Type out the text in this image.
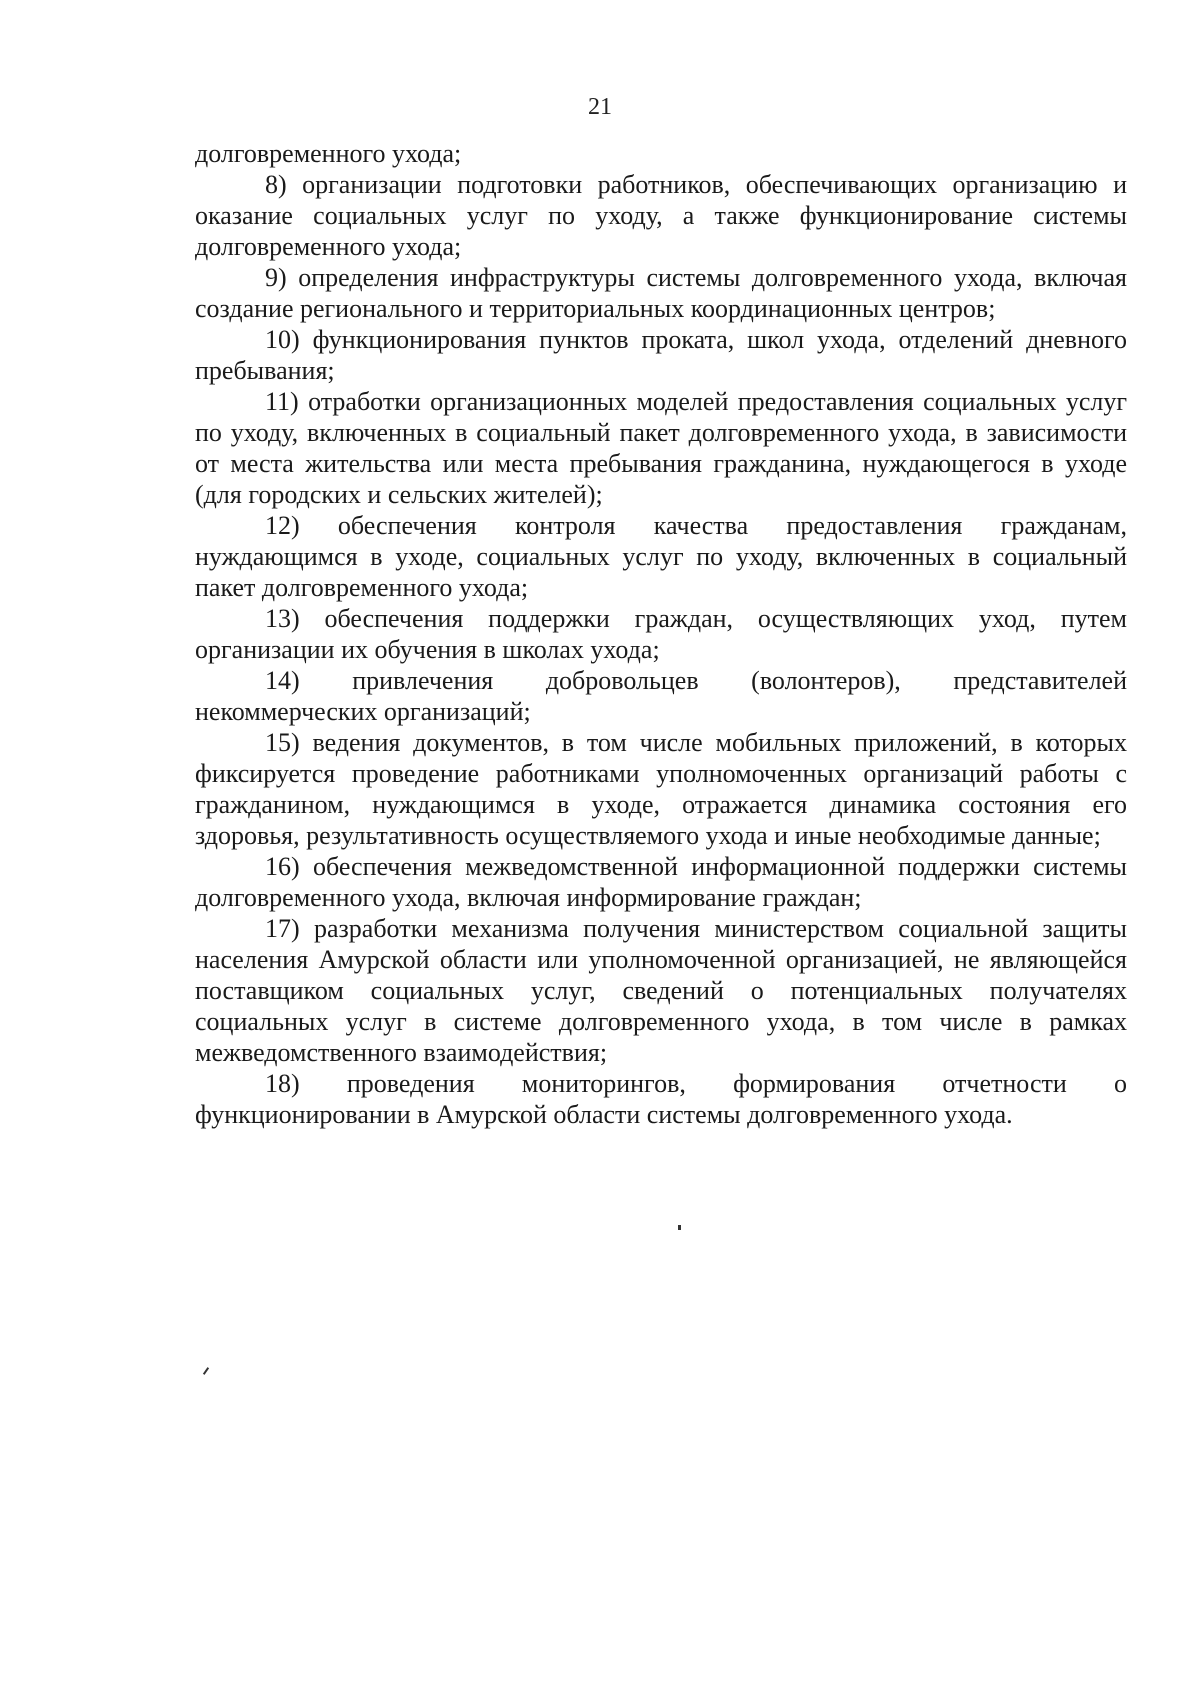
21

долговременного ухода;

8) организации подготовки работников, обеспечивающих организацию и оказание социальных услуг по уходу, а также функционирование системы долговременного ухода;

9) определения инфраструктуры системы долговременного ухода, включая создание регионального и территориальных координационных центров;

10) функционирования пунктов проката, школ ухода, отделений дневного пребывания;

11) отработки организационных моделей предоставления социальных услуг по уходу, включенных в социальный пакет долговременного ухода, в зависимости от места жительства или места пребывания гражданина, нуждающегося в уходе (для городских и сельских жителей);

12) обеспечения контроля качества предоставления гражданам, нуждающимся в уходе, социальных услуг по уходу, включенных в социальный пакет долговременного ухода;

13) обеспечения поддержки граждан, осуществляющих уход, путем организации их обучения в школах ухода;

14) привлечения добровольцев (волонтеров), представителей некоммерческих организаций;

15) ведения документов, в том числе мобильных приложений, в которых фиксируется проведение работниками уполномоченных организаций работы с гражданином, нуждающимся в уходе, отражается динамика состояния его здоровья, результативность осуществляемого ухода и иные необходимые данные;

16) обеспечения межведомственной информационной поддержки системы долговременного ухода, включая информирование граждан;

17) разработки механизма получения министерством социальной защиты населения Амурской области или уполномоченной организацией, не являющейся поставщиком социальных услуг, сведений о потенциальных получателях социальных услуг в системе долговременного ухода, в том числе в рамках межведомственного взаимодействия;

18) проведения мониторингов, формирования отчетности о функционировании в Амурской области системы долговременного ухода.
